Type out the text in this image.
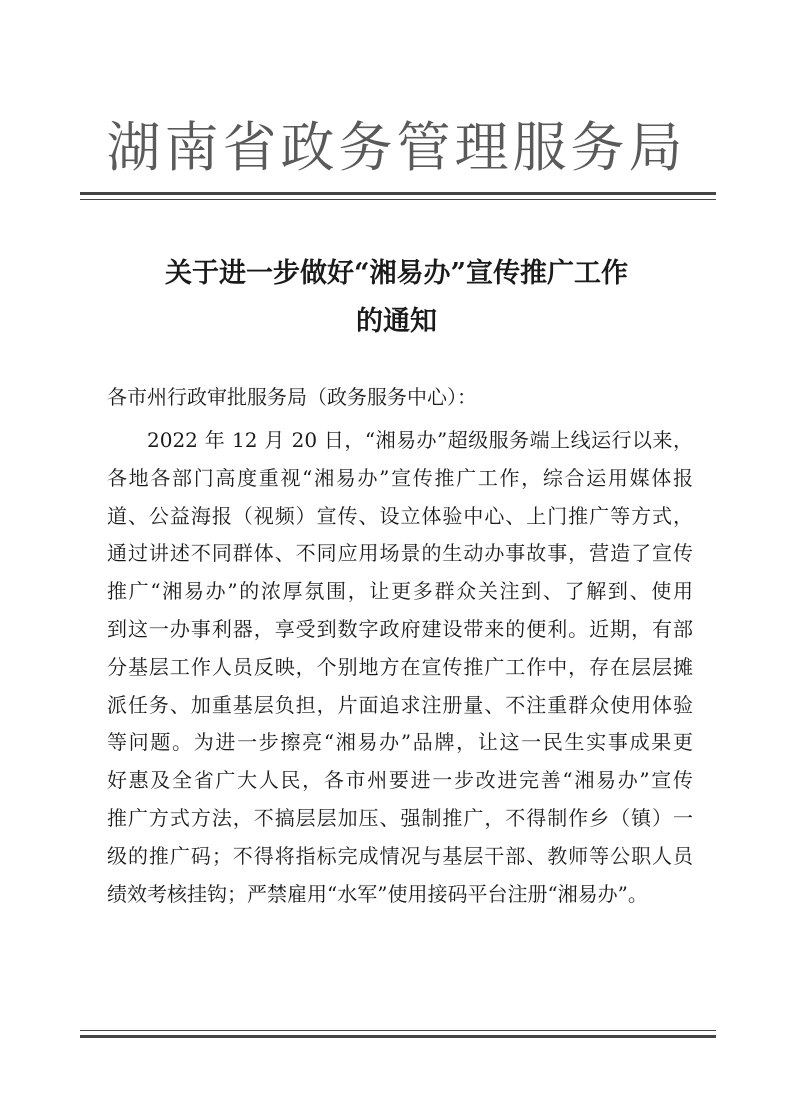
湖南省政务管理服务局
关于进一步做好“湘易办”宣传推广工作
的通知
各市州行政审批服务局（政务服务中心）：
2022 年 12 月 20 日，“湘易办”超级服务端上线运行以来，
各地各部门高度重视“湘易办”宣传推广工作，综合运用媒体报
道、公益海报（视频）宣传、设立体验中心、上门推广等方式，
通过讲述不同群体、不同应用场景的生动办事故事，营造了宣传
推广“湘易办”的浓厚氛围，让更多群众关注到、了解到、使用
到这一办事利器，享受到数字政府建设带来的便利。近期，有部
分基层工作人员反映，个别地方在宣传推广工作中，存在层层摊
派任务、加重基层负担，片面追求注册量、不注重群众使用体验
等问题。为进一步擦亮“湘易办”品牌，让这一民生实事成果更
好惠及全省广大人民，各市州要进一步改进完善“湘易办”宣传
推广方式方法，不搞层层加压、强制推广，不得制作乡（镇）一
级的推广码；不得将指标完成情况与基层干部、教师等公职人员
绩效考核挂钩；严禁雇用“水军”使用接码平台注册“湘易办”。
